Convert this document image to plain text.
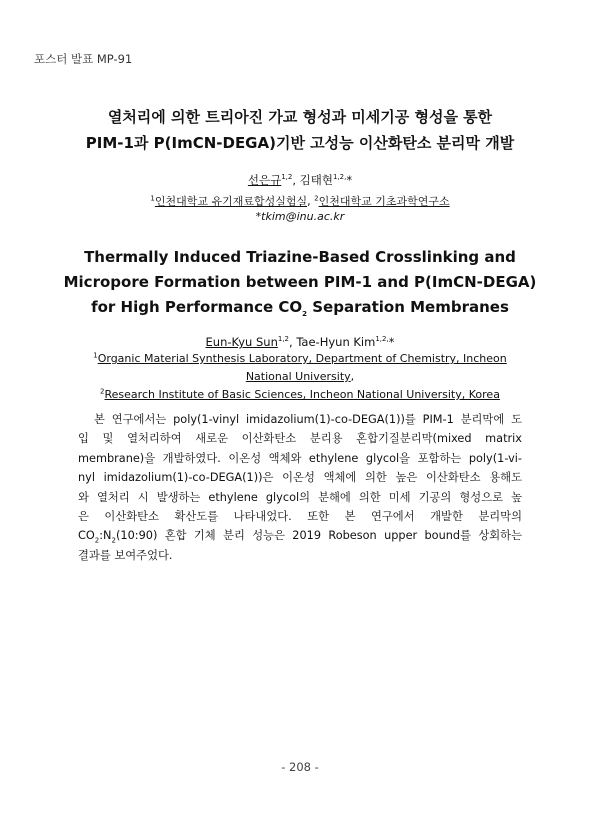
포스터 발표 MP-91
열처리에 의한 트리아진 가교 형성과 미세기공 형성을 통한
PIM-1과 P(ImCN-DEGA)기반 고성능 이산화탄소 분리막 개발
선은규$^{1,2}$, 김태현$^{1,2,}$*
$^1$인천대학교 유기재료합성실험실, $^2$인천대학교 기초과학연구소
*tkim@inu.ac.kr
Thermally Induced Triazine-Based Crosslinking and
Micropore Formation between PIM-1 and P(ImCN-DEGA)
for High Performance $CO_2$ Separation Membranes
Eun-Kyu Sun$^{1,2}$, Tae-Hyun Kim$^{1,2,}$*
$^1$Organic Material Synthesis Laboratory, Department of Chemistry, Incheon
National University,
$^2$Research Institute of Basic Sciences, Incheon National University, Korea
본 연구에서는 poly(1-vinyl imidazolium(1)-co-DEGA(1))를 PIM-1 분리막에 도
입 및 열처리하여 새로운 이산화탄소 분리용 혼합기질분리막(mixed matrix
membrane)을 개발하였다. 이온성 액체와 ethylene glycol을 포함하는 poly(1-vi-
nyl imidazolium(1)-co-DEGA(1))은 이온성 액체에 의한 높은 이산화탄소 용해도
와 열처리 시 발생하는 ethylene glycol의 분해에 의한 미세 기공의 형성으로 높
은 이산화탄소 확산도를 나타내었다. 또한 본 연구에서 개발한 분리막의
$CO_2:N_2(10:90)$ 혼합 기체 분리 성능은 2019 Robeson upper bound를 상회하는
결과를 보여주었다.
- 208 -
